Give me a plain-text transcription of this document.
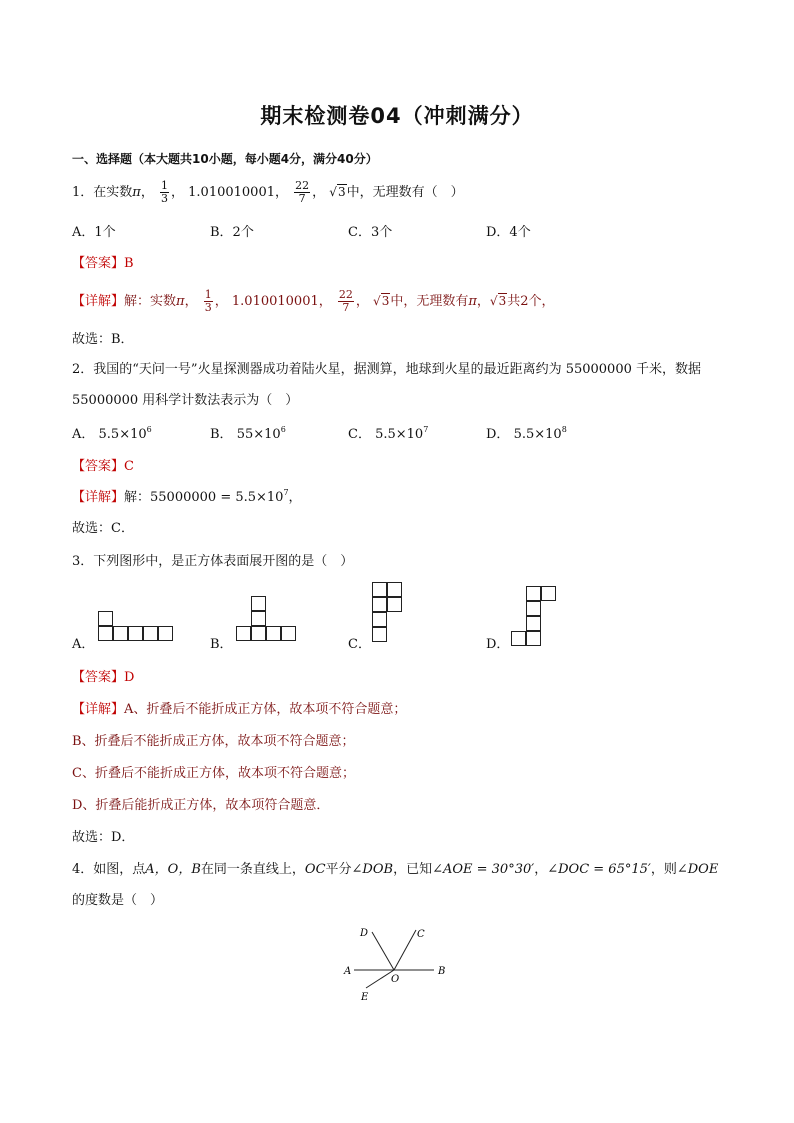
期末检测卷04（冲刺满分）
一、选择题（本大题共10小题，每小题4分，满分40分）
1．在实数π， $\frac{1}{3}$ ， 1.010010001， $\frac{22}{7}$ ， √3中，无理数有（　）
A．1个	B．2个	C．3个	D．4个
【答案】B
【详解】解：实数π， $\frac{1}{3}$ ， 1.010010001， $\frac{22}{7}$ ， √3中，无理数有π，√3共2个，
故选：B．
2．我国的“天问一号”火星探测器成功着陆火星，据测算，地球到火星的最近距离约为 55000000 千米，数据
55000000 用科学计数法表示为（　）
A． $5.5\times 10^6$	B． $55\times 10^6$	C． $5.5\times 10^7$	D． $5.5\times 10^8$
【答案】C
【详解】解：$55000000 = 5.5\times 10^7$，
故选：C．
3．下列图形中，是正方体表面展开图的是（　）
A．	B．	C．	D．
【答案】D
【详解】A、折叠后不能折成正方体，故本项不符合题意；
B、折叠后不能折成正方体，故本项不符合题意；
C、折叠后不能折成正方体，故本项不符合题意；
D、折叠后能折成正方体，故本项符合题意．
故选：D．
4．如图，点A，O，B在同一条直线上，OC平分∠DOB，已知∠AOE = 30°30′，∠DOC = 65°15′，则∠DOE
的度数是（　）
D	C
A
O
B
E
